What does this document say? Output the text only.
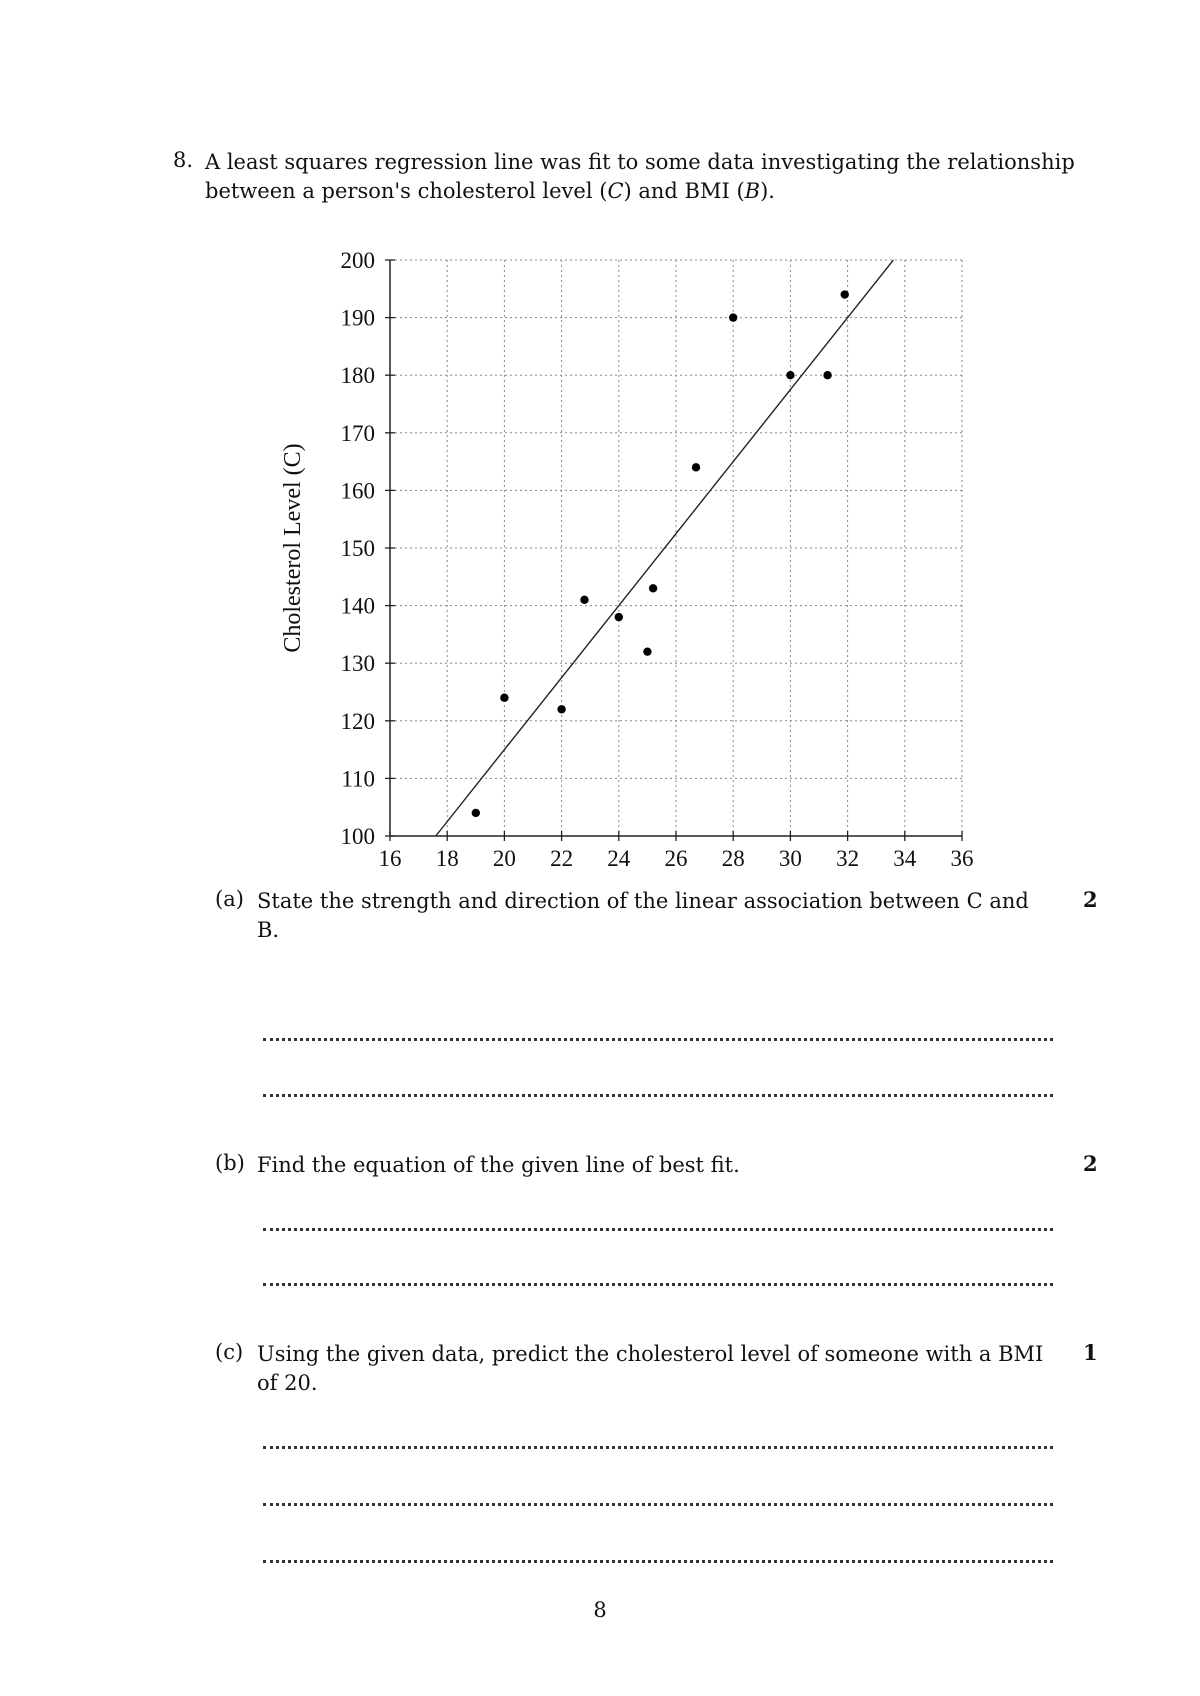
8. A least squares regression line was fit to some data investigating the relationship
between a person's cholesterol level (C) and BMI (B).
16 18 20 22 24 26 28 30 32 34 36
100
110
120
130
140
150
160
170
180
190
200
Cholesterol Level (C)
(a) State the strength and direction of the linear association between C and B.
2
(b) Find the equation of the given line of best fit.	2
(c) Using the given data, predict the cholesterol level of someone with a BMI of 20.
1
8
